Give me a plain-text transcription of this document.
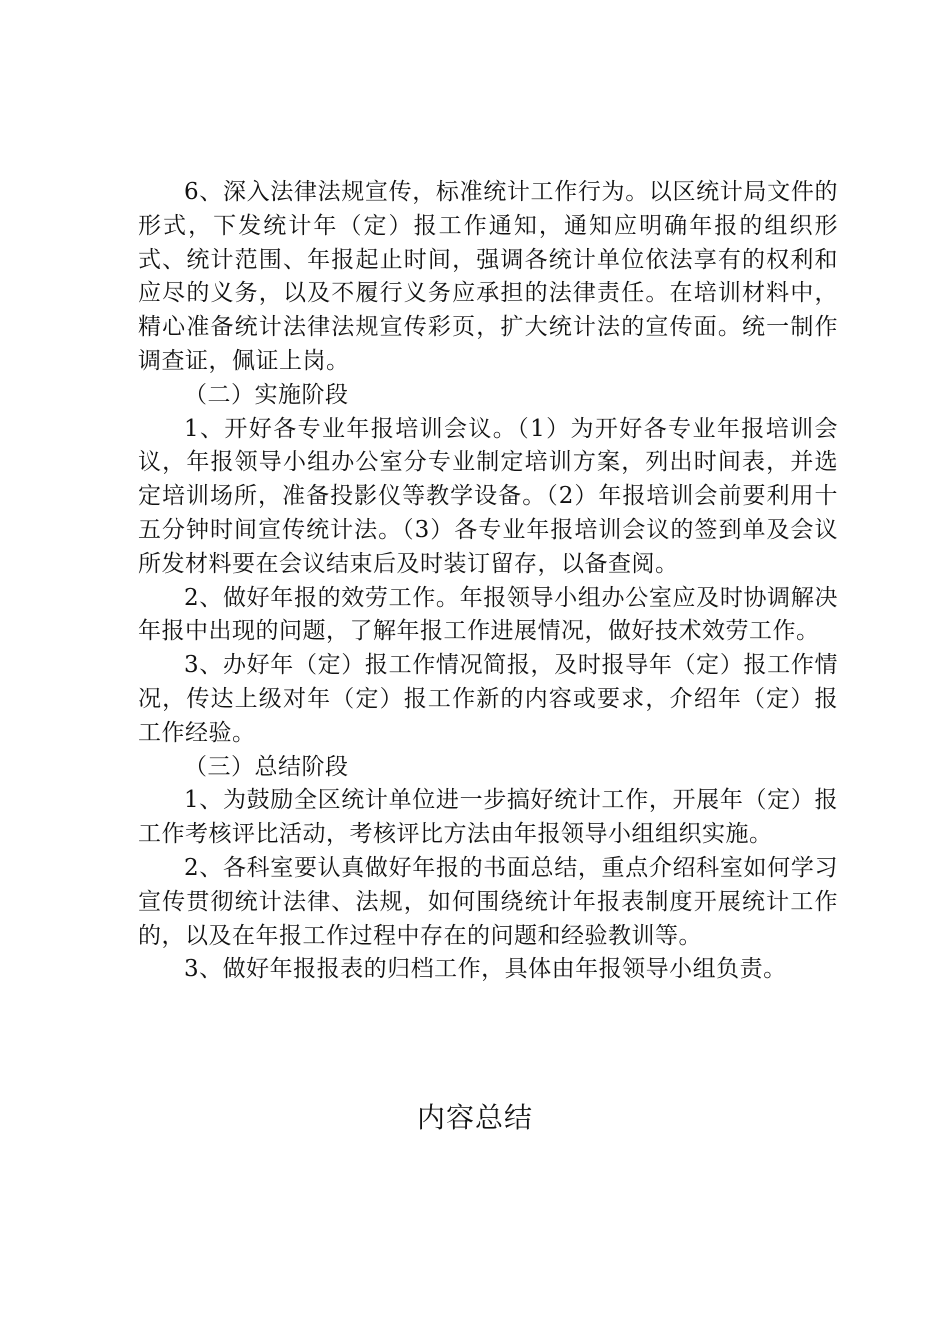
6、深入法律法规宣传，标准统计工作行为。以区统计局文件的形式，下发统计年（定）报工作通知，通知应明确年报的组织形式、统计范围、年报起止时间，强调各统计单位依法享有的权利和应尽的义务，以及不履行义务应承担的法律责任。在培训材料中，精心准备统计法律法规宣传彩页，扩大统计法的宣传面。统一制作调查证，佩证上岗。

（二）实施阶段

1、开好各专业年报培训会议。（1）为开好各专业年报培训会议，年报领导小组办公室分专业制定培训方案，列出时间表，并选定培训场所，准备投影仪等教学设备。（2）年报培训会前要利用十五分钟时间宣传统计法。（3）各专业年报培训会议的签到单及会议所发材料要在会议结束后及时装订留存，以备查阅。

2、做好年报的效劳工作。年报领导小组办公室应及时协调解决年报中出现的问题，了解年报工作进展情况，做好技术效劳工作。

3、办好年（定）报工作情况简报，及时报导年（定）报工作情况，传达上级对年（定）报工作新的内容或要求，介绍年（定）报工作经验。

（三）总结阶段

1、为鼓励全区统计单位进一步搞好统计工作，开展年（定）报工作考核评比活动，考核评比方法由年报领导小组组织实施。

2、各科室要认真做好年报的书面总结，重点介绍科室如何学习宣传贯彻统计法律、法规，如何围绕统计年报表制度开展统计工作的，以及在年报工作过程中存在的问题和经验教训等。

3、做好年报报表的归档工作，具体由年报领导小组负责。

内容总结
